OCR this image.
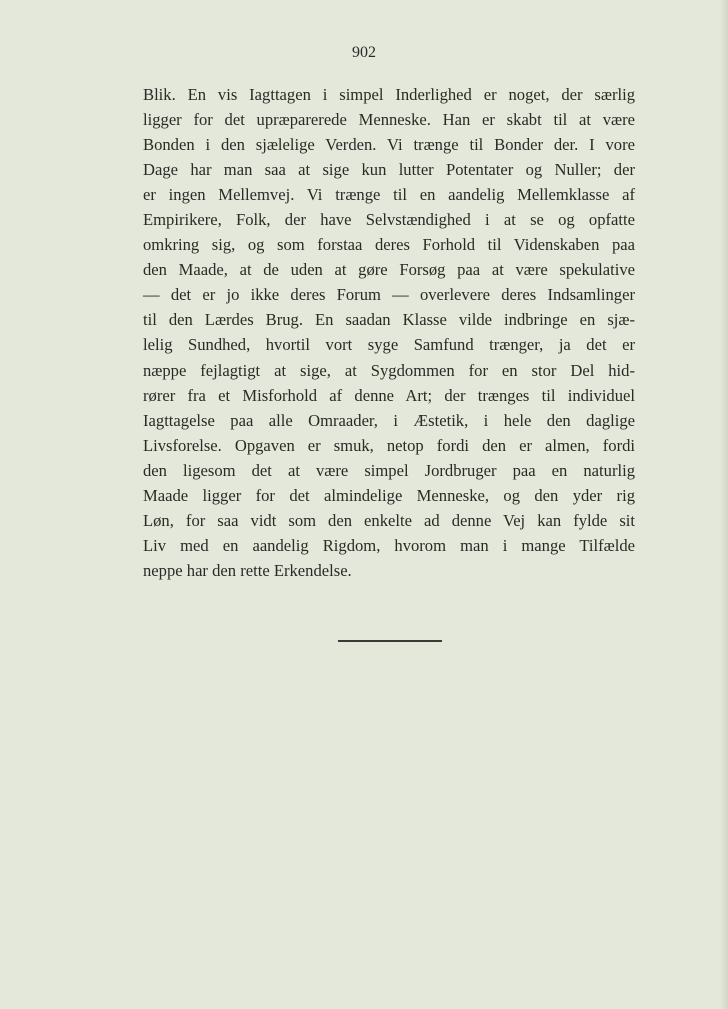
902
Blik. En vis Iagttagen i simpel Inderlighed er noget, der særlig
ligger for det upræparerede Menneske. Han er skabt til at være
Bonden i den sjælelige Verden. Vi trænge til Bonder der. I vore
Dage har man saa at sige kun lutter Potentater og Nuller; der
er ingen Mellemvej. Vi trænge til en aandelig Mellemklasse af
Empirikere, Folk, der have Selvstændighed i at se og opfatte
omkring sig, og som forstaa deres Forhold til Videnskaben paa
den Maade, at de uden at gøre Forsøg paa at være spekulative
— det er jo ikke deres Forum — overlevere deres Indsamlinger
til den Lærdes Brug. En saadan Klasse vilde indbringe en sjæ-
lelig Sundhed, hvortil vort syge Samfund trænger, ja det er
næppe fejlagtigt at sige, at Sygdommen for en stor Del hid-
rører fra et Misforhold af denne Art; der trænges til individuel
Iagttagelse paa alle Omraader, i Æstetik, i hele den daglige
Livsforelse. Opgaven er smuk, netop fordi den er almen, fordi
den ligesom det at være simpel Jordbruger paa en naturlig
Maade ligger for det almindelige Menneske, og den yder rig
Løn, for saa vidt som den enkelte ad denne Vej kan fylde sit
Liv med en aandelig Rigdom, hvorom man i mange Tilfælde
neppe har den rette Erkendelse.
